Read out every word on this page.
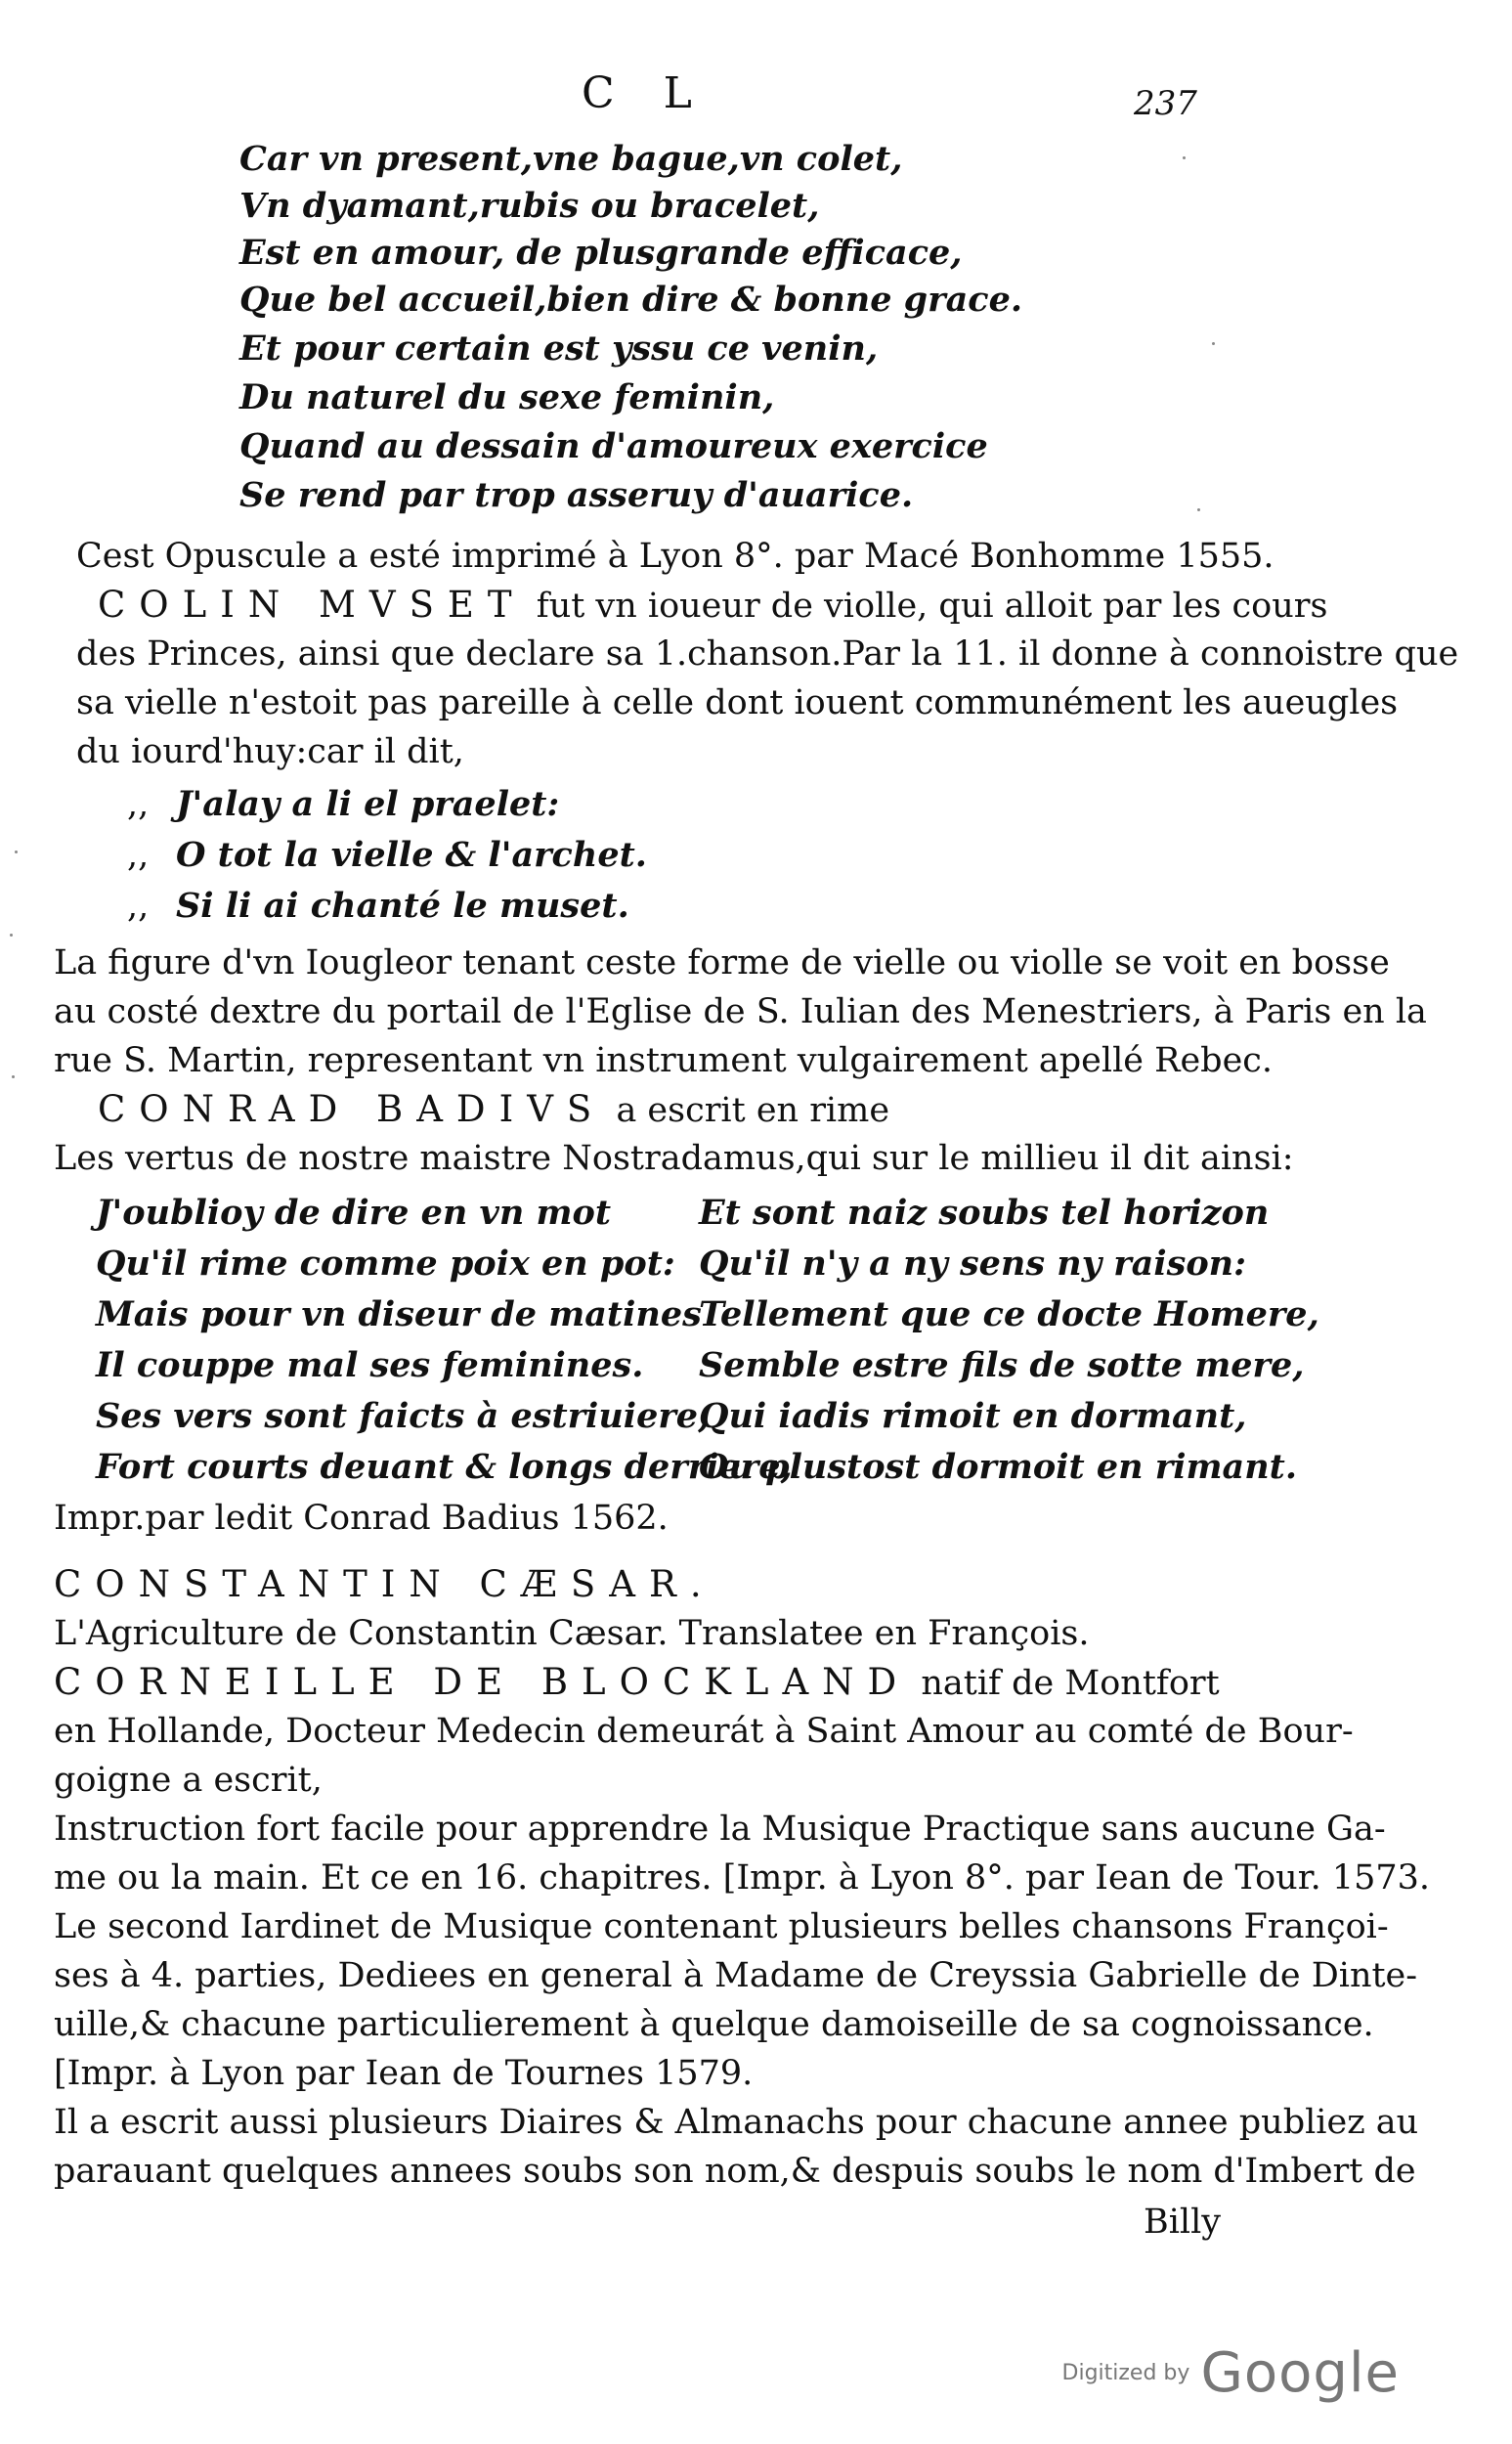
C L	237
Car vn present,vne bague,vn colet,
Vn dyamant,rubis ou bracelet,
Est en amour, de plusgrande efficace,
Que bel accueil,bien dire & bonne grace.
Et pour certain est yssu ce venin,
Du naturel du sexe feminin,
Quand au dessain d'amoureux exercice
Se rend par trop asseruy d'auarice.
Cest Opuscule a esté imprimé à Lyon 8°. par Macé Bonhomme 1555.
COLIN MVSET fut vn ioueur de violle, qui alloit par les cours
des Princes, ainsi que declare sa 1.chanson.Par la 11. il donne à connoistre que
sa vielle n'estoit pas pareille à celle dont iouent communément les aueugles
du iourd'huy:car il dit,
,, J'alay a li el praelet:
,, O tot la vielle & l'archet.
,, Si li ai chanté le muset.
La figure d'vn Iougleor tenant ceste forme de vielle ou violle se voit en bosse
au costé dextre du portail de l'Eglise de S. Iulian des Menestriers, à Paris en la
rue S. Martin, representant vn instrument vulgairement apellé Rebec.
CONRAD BADIVS a escrit en rime
Les vertus de nostre maistre Nostradamus,qui sur le millieu il dit ainsi:
J'oublioy de dire en vn mot
Qu'il rime comme poix en pot:
Mais pour vn diseur de matines
Il couppe mal ses feminines.
Ses vers sont faicts à estriuiere,
Fort courts deuant & longs derriere,
Et sont naiz soubs tel horizon
Qu'il n'y a ny sens ny raison:
Tellement que ce docte Homere,
Semble estre fils de sotte mere,
Qui iadis rimoit en dormant,
Ou plustost dormoit en rimant.
Impr.par ledit Conrad Badius 1562.
CONSTANTIN CÆSAR.
L'Agriculture de Constantin Cæsar. Translatee en François.
CORNEILLE DE BLOCKLAND natif de Montfort
en Hollande, Docteur Medecin demeurát à Saint Amour au comté de Bour-
goigne a escrit,
Instruction fort facile pour apprendre la Musique Practique sans aucune Ga-
me ou la main. Et ce en 16. chapitres. [Impr. à Lyon 8°. par Iean de Tour. 1573.
Le second Iardinet de Musique contenant plusieurs belles chansons Françoi-
ses à 4. parties, Dediees en general à Madame de Creyssia Gabrielle de Dinte-
uille,& chacune particulierement à quelque damoiseille de sa cognoissance.
[Impr. à Lyon par Iean de Tournes 1579.
Il a escrit aussi plusieurs Diaires & Almanachs pour chacune annee publiez au
parauant quelques annees soubs son nom,& despuis soubs le nom d'Imbert de
Billy
Digitized by Google
